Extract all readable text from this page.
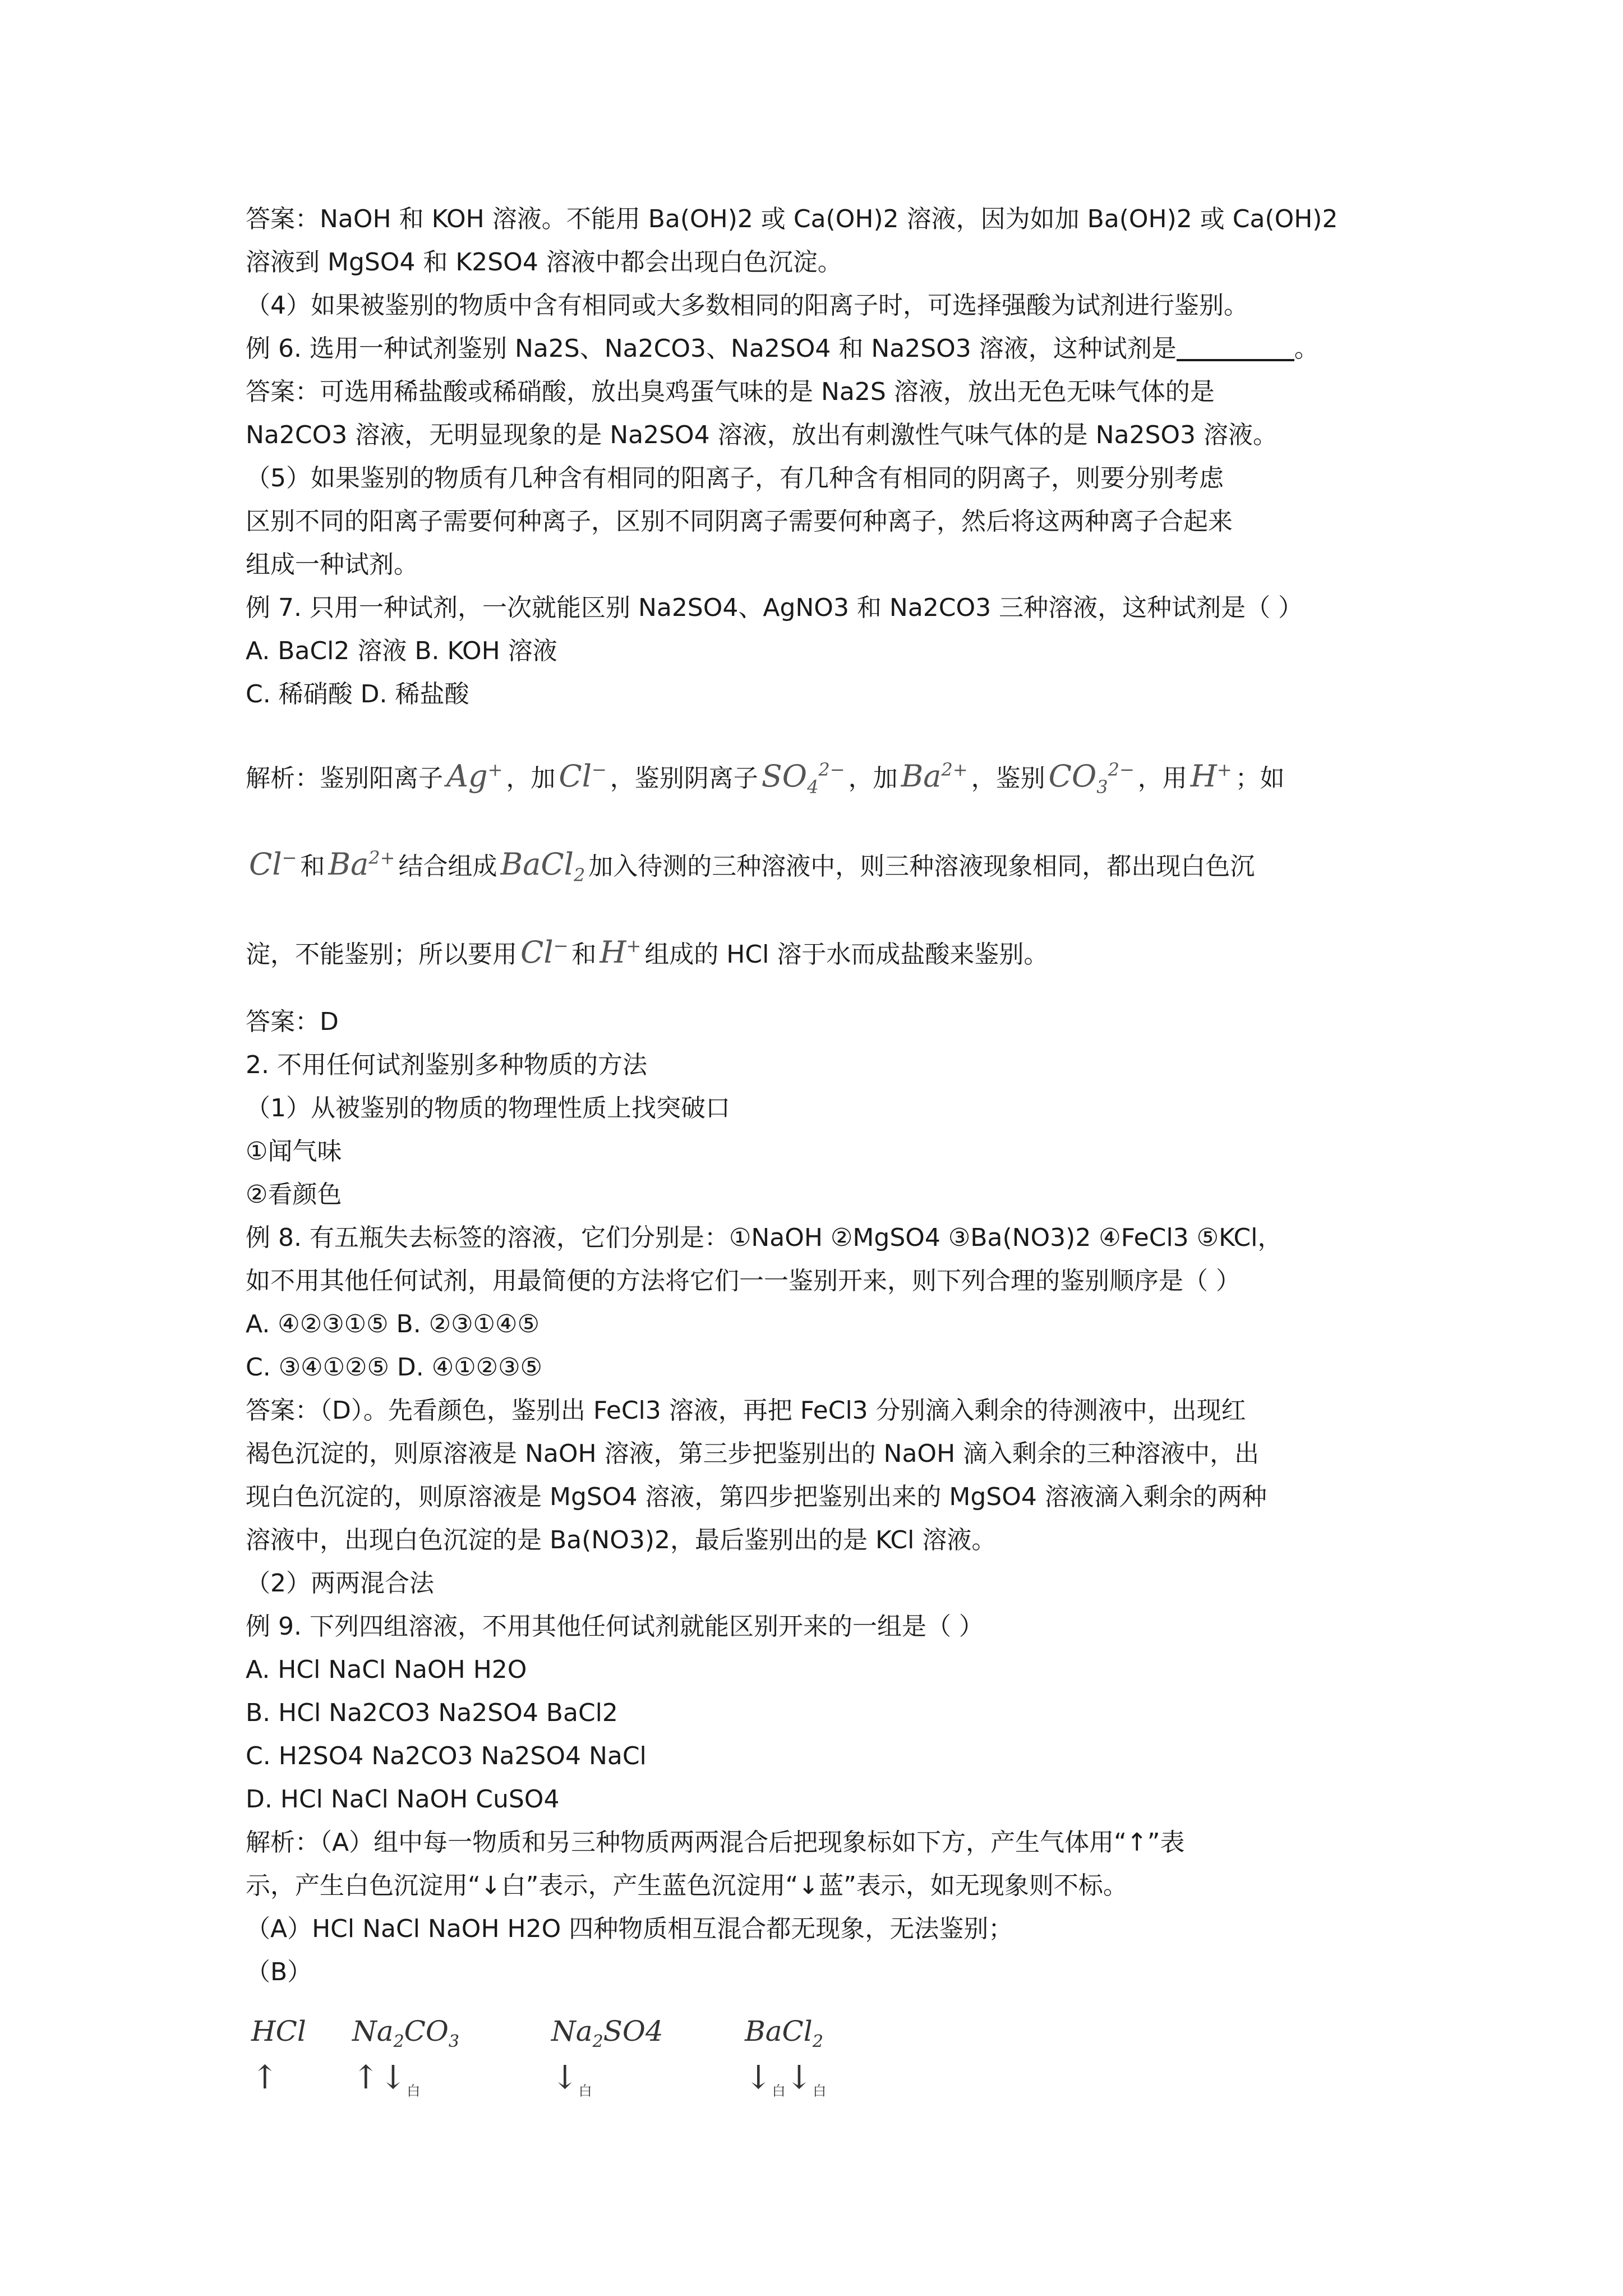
答案：NaOH 和 KOH 溶液。不能用 Ba(OH)2 或 Ca(OH)2 溶液，因为如加 Ba(OH)2 或 Ca(OH)2
溶液到 MgSO4 和 K2SO4 溶液中都会出现白色沉淀。
（4）如果被鉴别的物质中含有相同或大多数相同的阳离子时，可选择强酸为试剂进行鉴别。
例 6. 选用一种试剂鉴别 Na2S、Na2CO3、Na2SO4 和 Na2SO3 溶液，这种试剂是	。
答案：可选用稀盐酸或稀硝酸，放出臭鸡蛋气味的是 Na2S 溶液，放出无色无味气体的是
Na2CO3 溶液，无明显现象的是 Na2SO4 溶液，放出有刺激性气味气体的是 Na2SO3 溶液。
（5）如果鉴别的物质有几种含有相同的阳离子，有几种含有相同的阴离子，则要分别考虑
区别不同的阳离子需要何种离子，区别不同阴离子需要何种离子，然后将这两种离子合起来
组成一种试剂。
例 7. 只用一种试剂，一次就能区别 Na2SO4、AgNO3 和 Na2CO3 三种溶液，这种试剂是（ ）
A. BaCl2 溶液 B. KOH 溶液
C. 稀硝酸 D. 稀盐酸
解析：鉴别阳离子 Ag+ ，加 Cl− ，鉴别阴离子 $SO_4^{2-}$ ，加 $Ba^{2+}$ ，鉴别 $CO_3^{2-}$ ，用 H+ ；如
Cl− 和 $Ba^{2+}$ 结合组成 BaCl$_2$ 加入待测的三种溶液中，则三种溶液现象相同，都出现白色沉
淀，不能鉴别；所以要用 Cl− 和 H+ 组成的 HCl 溶于水而成盐酸来鉴别。
答案：D
2. 不用任何试剂鉴别多种物质的方法
（1）从被鉴别的物质的物理性质上找突破口
①闻气味
②看颜色
例 8. 有五瓶失去标签的溶液，它们分别是：①NaOH ②MgSO4 ③Ba(NO3)2 ④FeCl3 ⑤KCl，
如不用其他任何试剂，用最简便的方法将它们一一鉴别开来，则下列合理的鉴别顺序是（ ）
A. ④②③①⑤ B. ②③①④⑤
C. ③④①②⑤ D. ④①②③⑤
答案：（D）。先看颜色，鉴别出 FeCl3 溶液，再把 FeCl3 分别滴入剩余的待测液中，出现红
褐色沉淀的，则原溶液是 NaOH 溶液，第三步把鉴别出的 NaOH 滴入剩余的三种溶液中，出
现白色沉淀的，则原溶液是 MgSO4 溶液，第四步把鉴别出来的 MgSO4 溶液滴入剩余的两种
溶液中，出现白色沉淀的是 Ba(NO3)2，最后鉴别出的是 KCl 溶液。
（2）两两混合法
例 9. 下列四组溶液，不用其他任何试剂就能区别开来的一组是（ ）
A. HCl NaCl NaOH H2O
B. HCl Na2CO3 Na2SO4 BaCl2
C. H2SO4 Na2CO3 Na2SO4 NaCl
D. HCl NaCl NaOH CuSO4
解析：（A）组中每一物质和另三种物质两两混合后把现象标如下方，产生气体用“↑”表
示，产生白色沉淀用“↓白”表示，产生蓝色沉淀用“↓蓝”表示，如无现象则不标。
（A）HCl NaCl NaOH H2O 四种物质相互混合都无现象，无法鉴别；
（B）
HCl
↑
$Na_2CO_3$
$↑↓_白$
$Na_2SO4$
$↓_白$
BaCl$_2$
$↓_白↓_白$
